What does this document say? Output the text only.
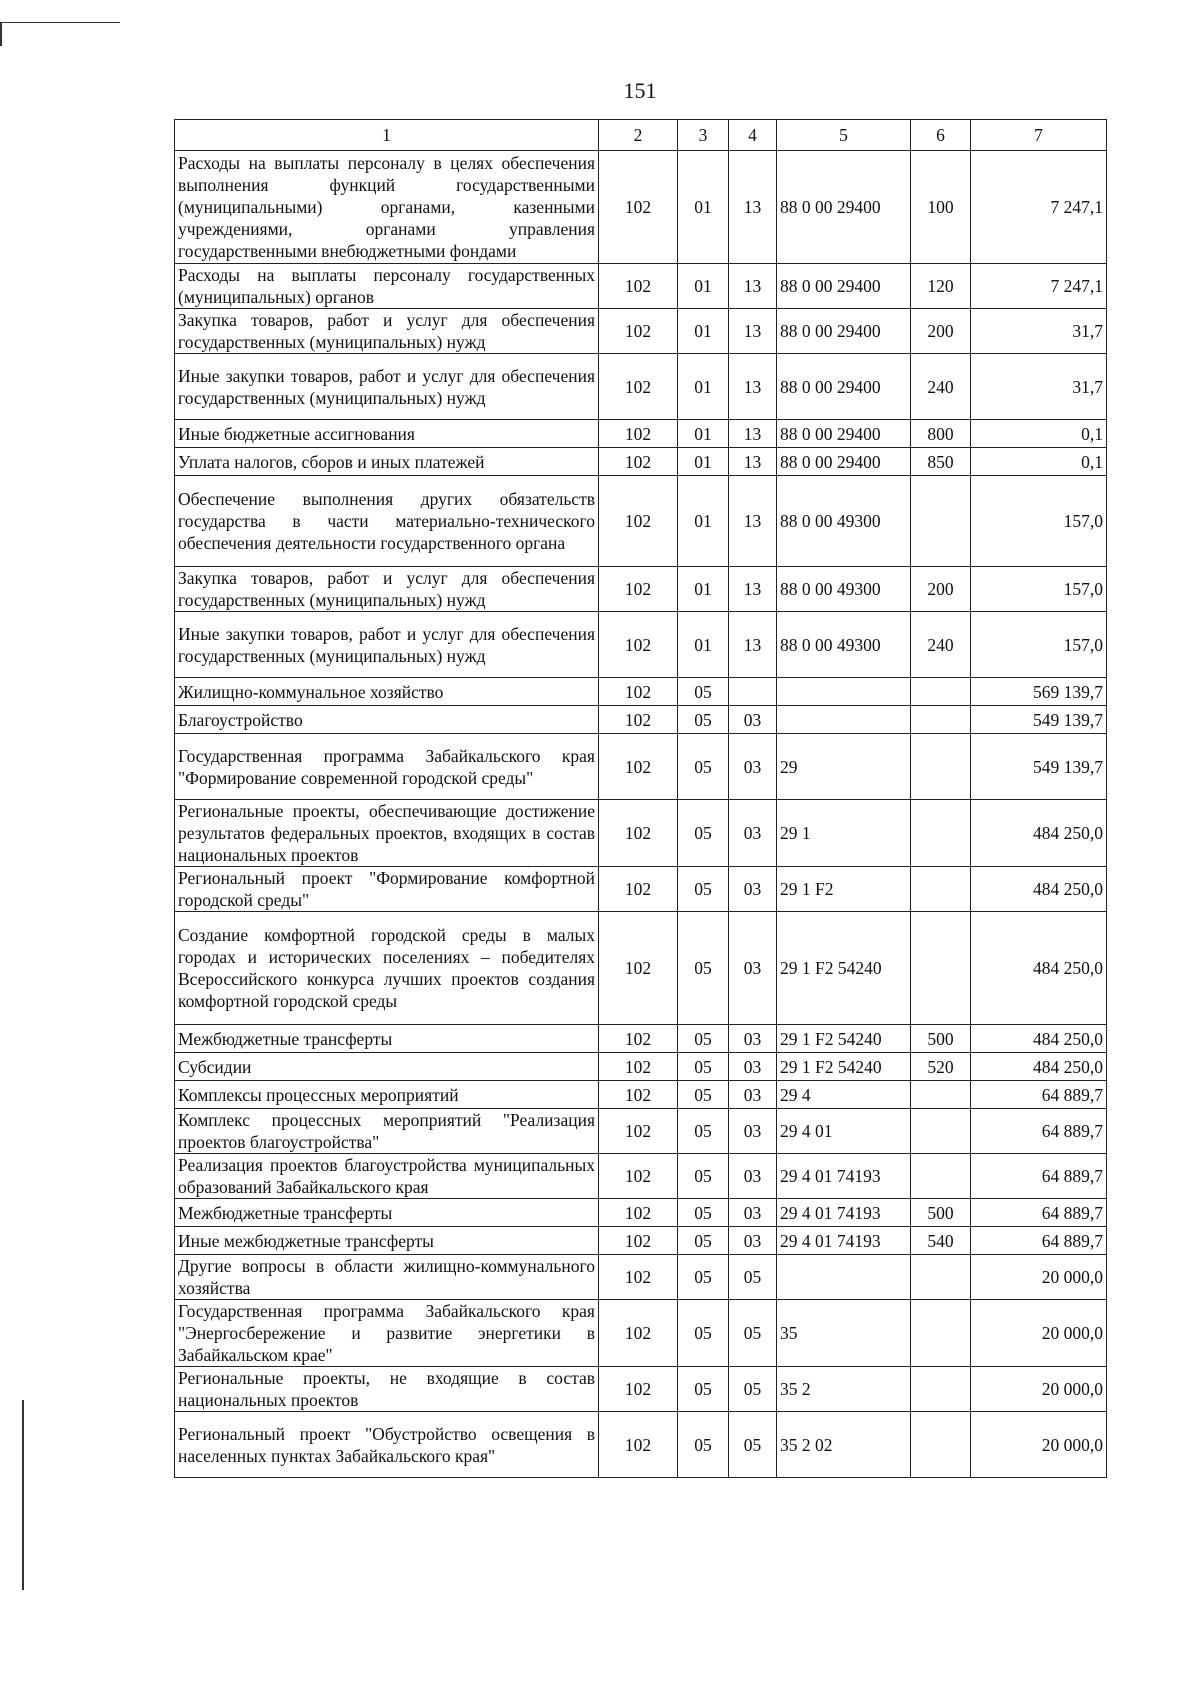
151
1	2	3	4	5	6	7
Расходы на выплаты персоналу в целях обеспечения выполнения функций государственными (муниципальными) органами, казенными учреждениями, органами управления государственными внебюджетными фондами	102	01	13	88 0 00 29400	100	7 247,1
Расходы на выплаты персоналу государственных (муниципальных) органов	102	01	13	88 0 00 29400	120	7 247,1
Закупка товаров, работ и услуг для обеспечения государственных (муниципальных) нужд	102	01	13	88 0 00 29400	200	31,7
Иные закупки товаров, работ и услуг для обеспечения государственных (муниципальных) нужд	102	01	13	88 0 00 29400	240	31,7
Иные бюджетные ассигнования	102	01	13	88 0 00 29400	800	0,1
Уплата налогов, сборов и иных платежей	102	01	13	88 0 00 29400	850	0,1
Обеспечение выполнения других обязательств государства в части материально-технического обеспечения деятельности государственного органа	102	01	13	88 0 00 49300		157,0
Закупка товаров, работ и услуг для обеспечения государственных (муниципальных) нужд	102	01	13	88 0 00 49300	200	157,0
Иные закупки товаров, работ и услуг для обеспечения государственных (муниципальных) нужд	102	01	13	88 0 00 49300	240	157,0
Жилищно-коммунальное хозяйство	102	05				569 139,7
Благоустройство	102	05	03			549 139,7
Государственная программа Забайкальского края "Формирование современной городской среды"	102	05	03	29		549 139,7
Региональные проекты, обеспечивающие достижение результатов федеральных проектов, входящих в состав национальных проектов	102	05	03	29 1		484 250,0
Региональный проект "Формирование комфортной городской среды"	102	05	03	29 1 F2		484 250,0
Создание комфортной городской среды в малых городах и исторических поселениях – победителях Всероссийского конкурса лучших проектов создания комфортной городской среды	102	05	03	29 1 F2 54240		484 250,0
Межбюджетные трансферты	102	05	03	29 1 F2 54240	500	484 250,0
Субсидии	102	05	03	29 1 F2 54240	520	484 250,0
Комплексы процессных мероприятий	102	05	03	29 4		64 889,7
Комплекс процессных мероприятий "Реализация проектов благоустройства"	102	05	03	29 4 01		64 889,7
Реализация проектов благоустройства муниципальных образований Забайкальского края	102	05	03	29 4 01 74193		64 889,7
Межбюджетные трансферты	102	05	03	29 4 01 74193	500	64 889,7
Иные межбюджетные трансферты	102	05	03	29 4 01 74193	540	64 889,7
Другие вопросы в области жилищно-коммунального хозяйства	102	05	05			20 000,0
Государственная программа Забайкальского края "Энергосбережение и развитие энергетики в Забайкальском крае"	102	05	05	35		20 000,0
Региональные проекты, не входящие в состав национальных проектов	102	05	05	35 2		20 000,0
Региональный проект "Обустройство освещения в населенных пунктах Забайкальского края"	102	05	05	35 2 02		20 000,0
